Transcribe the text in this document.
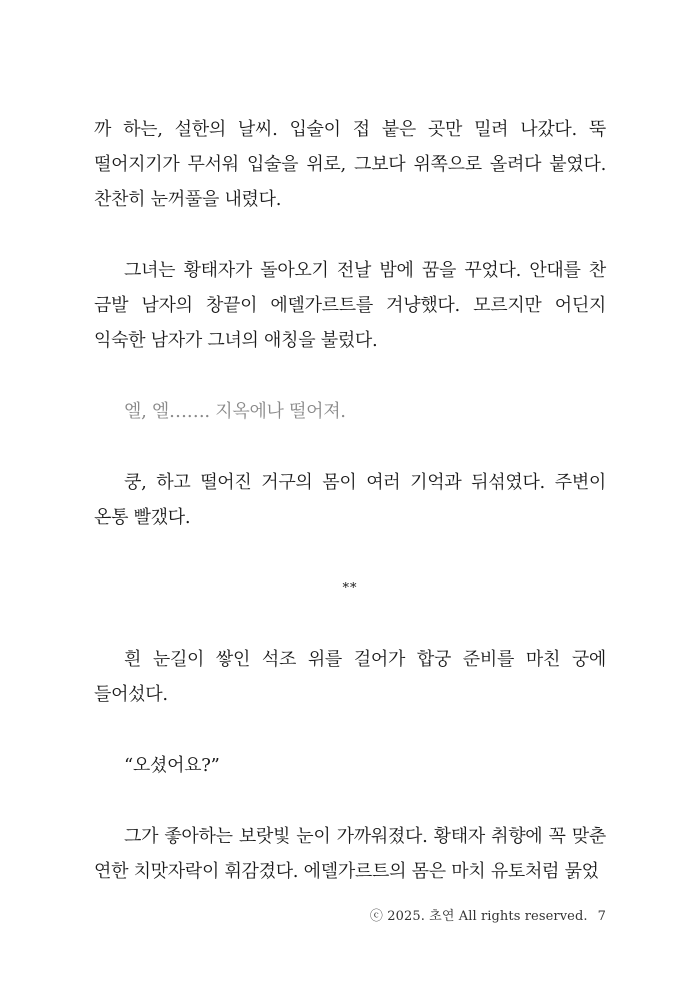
까 하는, 설한의 날씨. 입술이 접 붙은 곳만 밀려 나갔다. 뚝 떨어지기가 무서워 입술을 위로, 그보다 위쪽으로 올려다 붙였다. 찬찬히 눈꺼풀을 내렸다.

그녀는 황태자가 돌아오기 전날 밤에 꿈을 꾸었다. 안대를 찬 금발 남자의 창끝이 에델가르트를 겨냥했다. 모르지만 어딘지 익숙한 남자가 그녀의 애칭을 불렀다.

엘, 엘……. 지옥에나 떨어져.

쿵, 하고 떨어진 거구의 몸이 여러 기억과 뒤섞였다. 주변이 온통 빨갰다.

**

흰 눈길이 쌓인 석조 위를 걸어가 합궁 준비를 마친 궁에 들어섰다.

“오셨어요?”

그가 좋아하는 보랏빛 눈이 가까워졌다. 황태자 취향에 꼭 맞춘 연한 치맛자락이 휘감겼다. 에델가르트의 몸은 마치 유토처럼 묽었

ⓒ 2025. 초연 All rights reserved. 7
